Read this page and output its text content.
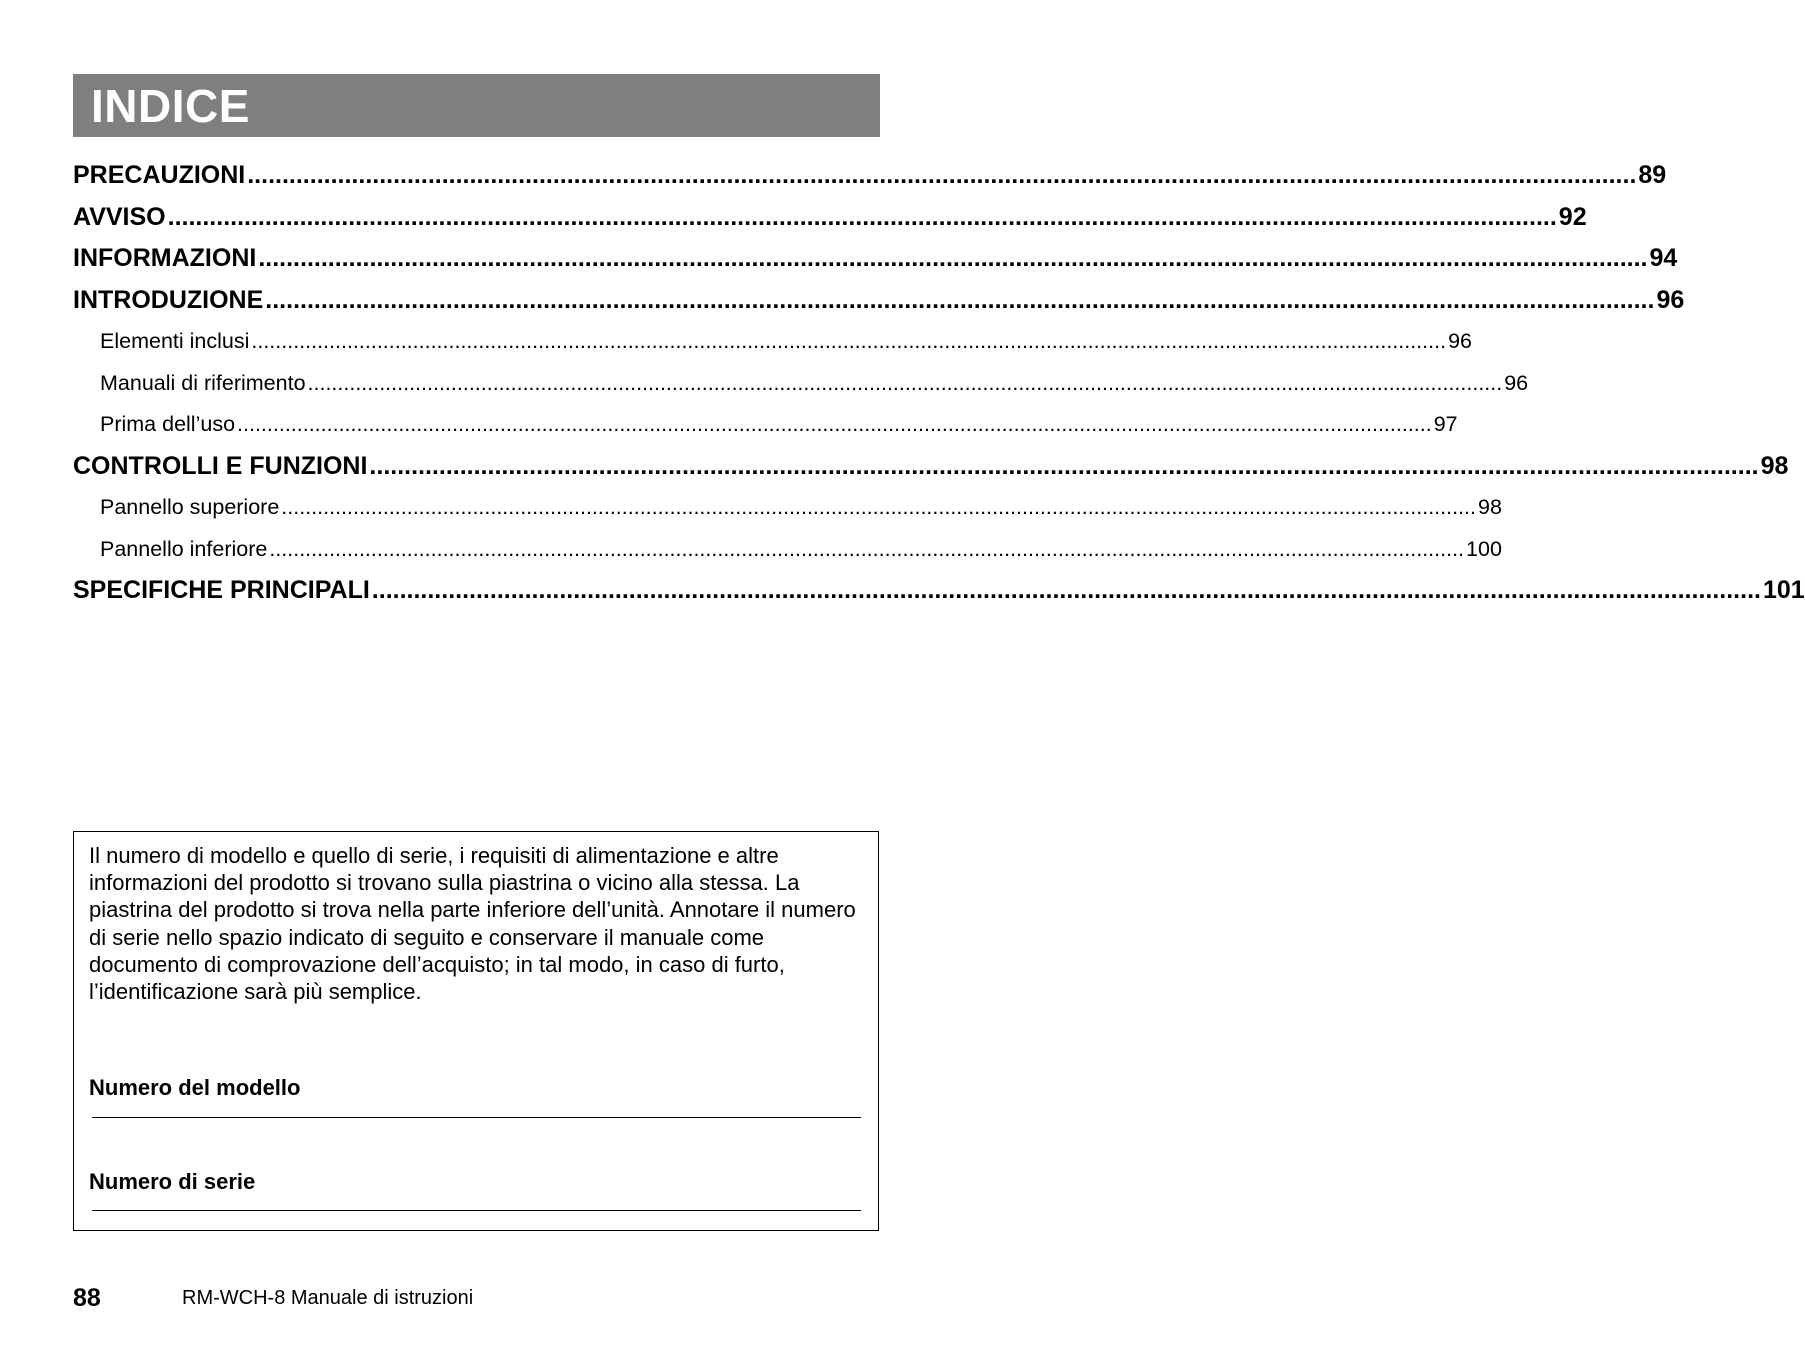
INDICE
PRECAUZIONI ........................................................................................................................................................................................................ 89
AVVISO ........................................................................................................................................................................................................ 92
INFORMAZIONI ........................................................................................................................................................................................................ 94
INTRODUZIONE ........................................................................................................................................................................................................ 96
Elementi inclusi ........................................................................................................................................................................................................ 96
Manuali di riferimento ........................................................................................................................................................................................................ 96
Prima dell’uso ........................................................................................................................................................................................................ 97
CONTROLLI E FUNZIONI ........................................................................................................................................................................................................ 98
Pannello superiore ........................................................................................................................................................................................................ 98
Pannello inferiore ........................................................................................................................................................................................................ 100
SPECIFICHE PRINCIPALI ........................................................................................................................................................................................................ 101

Il numero di modello e quello di serie, i requisiti di alimentazione e altre informazioni del prodotto si trovano sulla piastrina o vicino alla stessa. La piastrina del prodotto si trova nella parte inferiore dell’unità. Annotare il numero di serie nello spazio indicato di seguito e conservare il manuale come documento di comprovazione dell’acquisto; in tal modo, in caso di furto, l’identificazione sarà più semplice.

Numero del modello
Numero di serie
88	RM-WCH-8 Manuale di istruzioni
